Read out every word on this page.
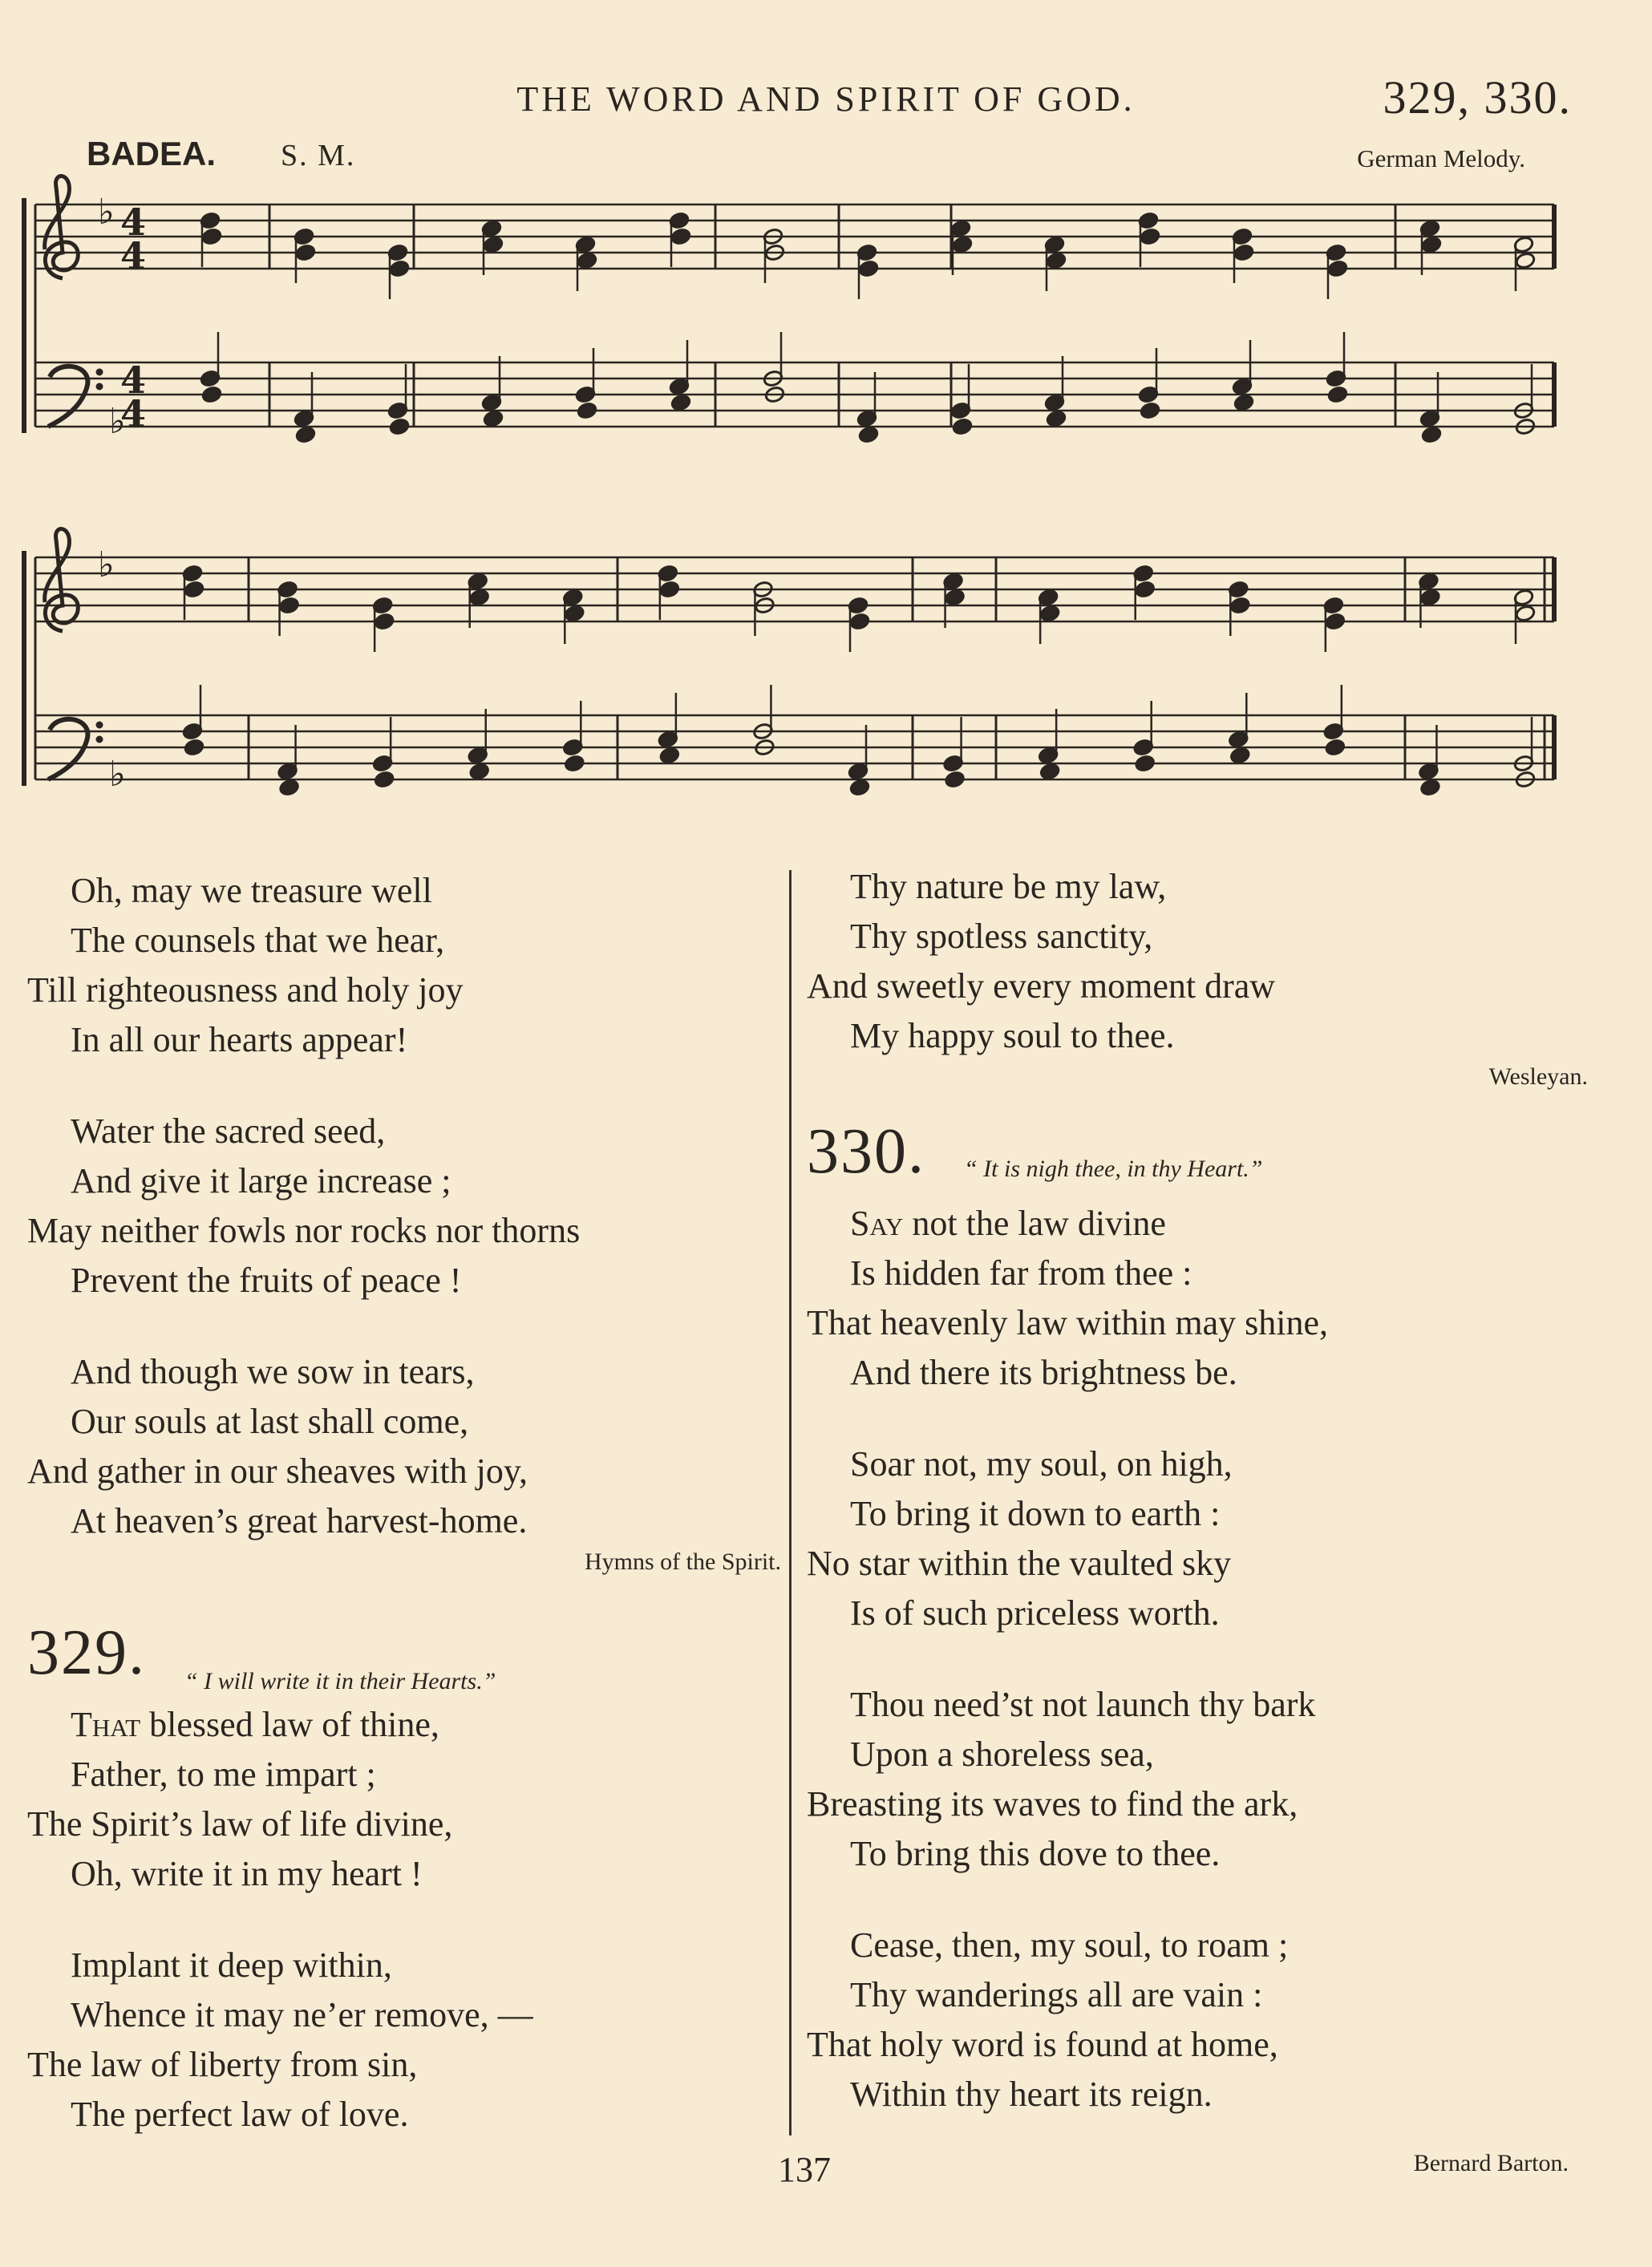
THE WORD AND SPIRIT OF GOD.	329, 330.
BADEA. S. M.	German Melody.
♭
♭
4
4
4
4
♭
♭
Oh, may we treasure well
The counsels that we hear,
Till righteousness and holy joy
In all our hearts appear!
Water the sacred seed,
And give it large increase ;
May neither fowls nor rocks nor thorns
Prevent the fruits of peace !
And though we sow in tears,
Our souls at last shall come,
And gather in our sheaves with joy,
At heaven’s great harvest-home.
Hymns of the Spirit.
329. “ I will write it in their Hearts.”
That blessed law of thine,
Father, to me impart ;
The Spirit’s law of life divine,
Oh, write it in my heart !
Implant it deep within,
Whence it may ne’er remove, —
The law of liberty from sin,
The perfect law of love.
Thy nature be my law,
Thy spotless sanctity,
And sweetly every moment draw
My happy soul to thee.
Wesleyan.
330. “ It is nigh thee, in thy Heart.”
Say not the law divine
Is hidden far from thee :
That heavenly law within may shine,
And there its brightness be.
Soar not, my soul, on high,
To bring it down to earth :
No star within the vaulted sky
Is of such priceless worth.
Thou need’st not launch thy bark
Upon a shoreless sea,
Breasting its waves to find the ark,
To bring this dove to thee.
Cease, then, my soul, to roam ;
Thy wanderings all are vain :
That holy word is found at home,
Within thy heart its reign.
Bernard Barton.
137
